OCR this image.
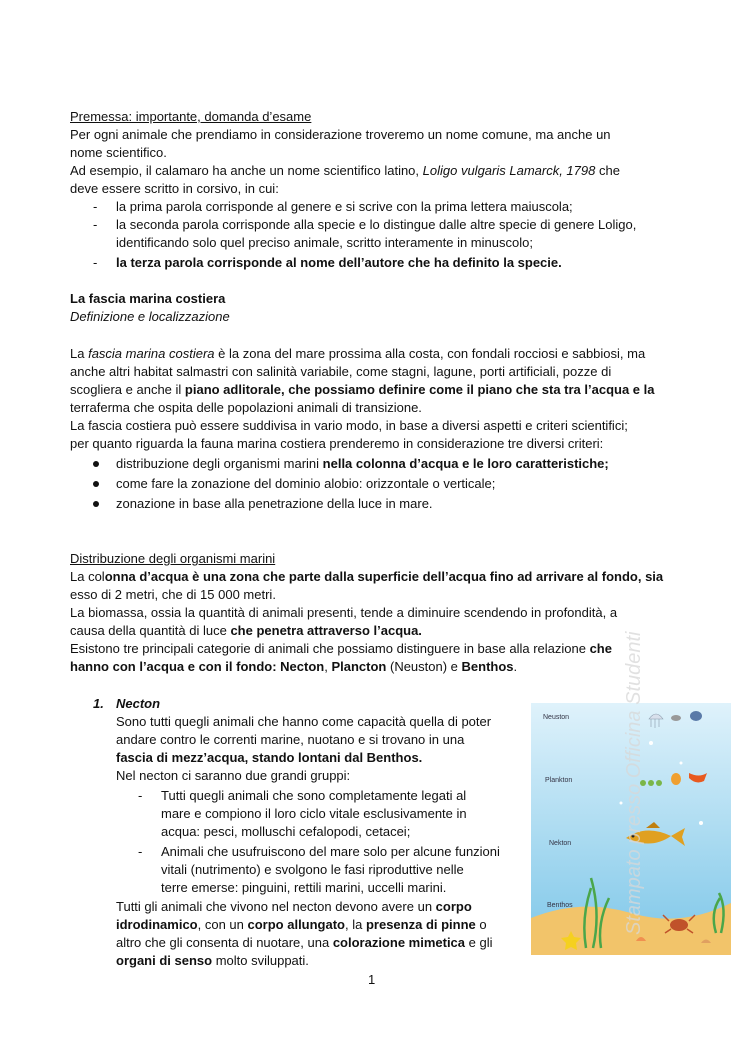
Premessa: importante, domanda d’esame
Per ogni animale che prendiamo in considerazione troveremo un nome comune, ma anche un
nome scientifico.
Ad esempio, il calamaro ha anche un nome scientifico latino, Loligo vulgaris Lamarck, 1798 che
deve essere scritto in corsivo, in cui:
- la prima parola corrisponde al genere e si scrive con la prima lettera maiuscola;
- la seconda parola corrisponde alla specie e lo distingue dalle altre specie di genere Loligo,
identificando solo quel preciso animale, scritto interamente in minuscolo;
- la terza parola corrisponde al nome dell’autore che ha definito la specie.
La fascia marina costiera
Definizione e localizzazione
La fascia marina costiera è la zona del mare prossima alla costa, con fondali rocciosi e sabbiosi, ma
anche altri habitat salmastri con salinità variabile, come stagni, lagune, porti artificiali, pozze di
scogliera e anche il piano adlitorale, che possiamo definire come il piano che sta tra l’acqua e la
terraferma che ospita delle popolazioni animali di transizione.
La fascia costiera può essere suddivisa in vario modo, in base a diversi aspetti e criteri scientifici;
per quanto riguarda la fauna marina costiera prenderemo in considerazione tre diversi criteri:
distribuzione degli organismi marini nella colonna d’acqua e le loro caratteristiche;
come fare la zonazione del dominio alobio: orizzontale o verticale;
zonazione in base alla penetrazione della luce in mare.
Distribuzione degli organismi marini
La colonna d’acqua è una zona che parte dalla superficie dell’acqua fino ad arrivare al fondo, sia
esso di 2 metri, che di 15 000 metri.
La biomassa, ossia la quantità di animali presenti, tende a diminuire scendendo in profondità, a
causa della quantità di luce che penetra attraverso l’acqua.
Esistono tre principali categorie di animali che possiamo distinguere in base alla relazione che
hanno con l’acqua e con il fondo: Necton, Plancton (Neuston) e Benthos.
1. Necton
Sono tutti quegli animali che hanno come capacità quella di poter
andare contro le correnti marine, nuotano e si trovano in una
fascia di mezz’acqua, stando lontani dal Benthos.
Nel necton ci saranno due grandi gruppi:
- Tutti quegli animali che sono completamente legati al
mare e compiono il loro ciclo vitale esclusivamente in
acqua: pesci, molluschi cefalopodi, cetacei;
- Animali che usufruiscono del mare solo per alcune funzioni
vitali (nutrimento) e svolgono le fasi riproduttive nelle
terre emerse: pinguini, rettili marini, uccelli marini.
Tutti gli animali che vivono nel necton devono avere un corpo
idrodinamico, con un corpo allungato, la presenza di pinne o
altro che gli consenta di nuotare, una colorazione mimetica e gli
organi di senso molto sviluppati.
Neuston
Plankton
Nekton
Benthos	Stampato presso Officina Studenti
1
